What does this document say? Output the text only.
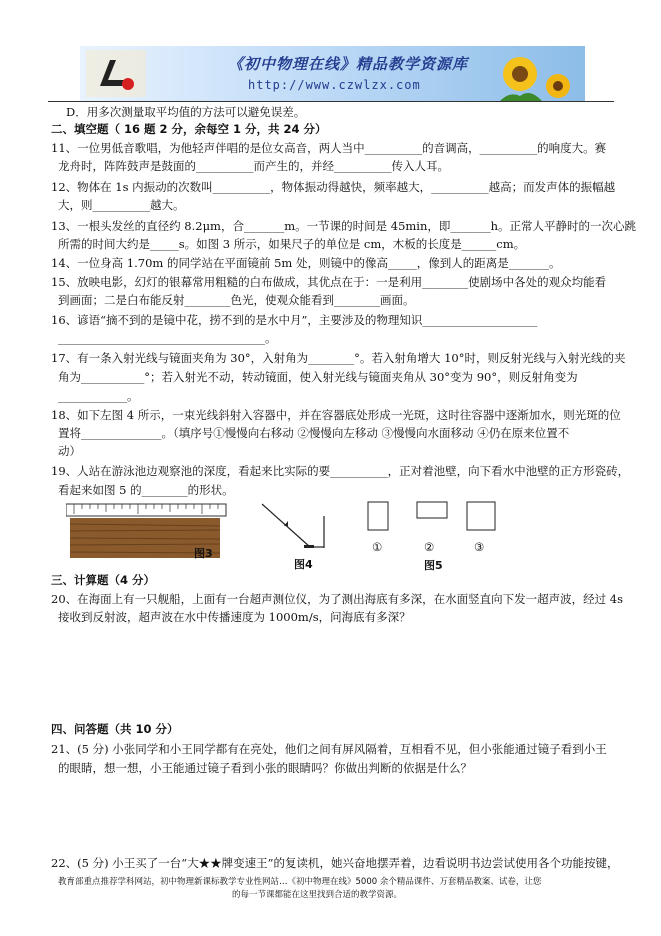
《初中物理在线》精品教学资源库
http://www.czwlzx.com
D．用多次测量取平均值的方法可以避免误差。
二、填空题（ 16 题 2 分，余每空 1 分，共 24 分）
11、一位男低音歌唱，为他轻声伴唱的是位女高音，两人当中__________的音调高，__________的响度大。赛
龙舟时，阵阵鼓声是鼓面的__________而产生的，并经__________传入人耳。
12、物体在 1s 内振动的次数叫__________，物体振动得越快，频率越大，__________越高；而发声体的振幅越
大，则__________越大。
13、一根头发丝的直径约 8.2μm，合_______m。一节课的时间是 45min，即_______h。正常人平静时的一次心跳
所需的时间大约是_____s。如图 3 所示，如果尺子的单位是 cm，木板的长度是______cm。
14、一位身高 1.70m 的同学站在平面镜前 5m 处，则镜中的像高_____，像到人的距离是_______。
15、放映电影，幻灯的银幕常用粗糙的白布做成，其优点在于：一是利用________使剧场中各处的观众均能看
到画面；二是白布能反射________色光，使观众能看到________画面。
16、谚语“摘不到的是镜中花，捞不到的是水中月”，主要涉及的物理知识____________________
____________________________________。
17、有一条入射光线与镜面夹角为 30°，入射角为________°。若入射角增大 10°时，则反射光线与入射光线的夹
角为___________°；若入射光不动，转动镜面，使入射光线与镜面夹角从 30°变为 90°，则反射角变为
____________。
18、如下左图 4 所示，一束光线斜射入容器中，并在容器底处形成一光斑，这时往容器中逐渐加水，则光斑的位
置将______________。（填序号①慢慢向右移动 ②慢慢向左移动 ③慢慢向水面移动 ④仍在原来位置不
动）
19、人站在游泳池边观察池的深度，看起来比实际的要__________，正对着池壁，向下看水中池壁的正方形瓷砖，
看起来如图 5 的________的形状。
图3
图4
①	②	③
图5
三、计算题（4 分）
20、在海面上有一只舰船，上面有一台超声测位仪，为了测出海底有多深，在水面竖直向下发一超声波，经过 4s
接收到反射波，超声波在水中传播速度为 1000m/s，问海底有多深？
四、问答题（共 10 分）
21、(5 分) 小张同学和小王同学都有在亮处，他们之间有屏风隔着，互相看不见，但小张能通过镜子看到小王
的眼睛，想一想，小王能通过镜子看到小张的眼睛吗？你做出判断的依据是什么？
22、(5 分) 小王买了一台“大★★牌变速王”的复读机，她兴奋地摆弄着，边看说明书边尝试使用各个功能按键，
教育部重点推荐学科网站，初中物理新课标教学专业性网站…《初中物理在线》5000 余个精品课件、万套精品教案、试卷，让您
的每一节课都能在这里找到合适的教学资源。
